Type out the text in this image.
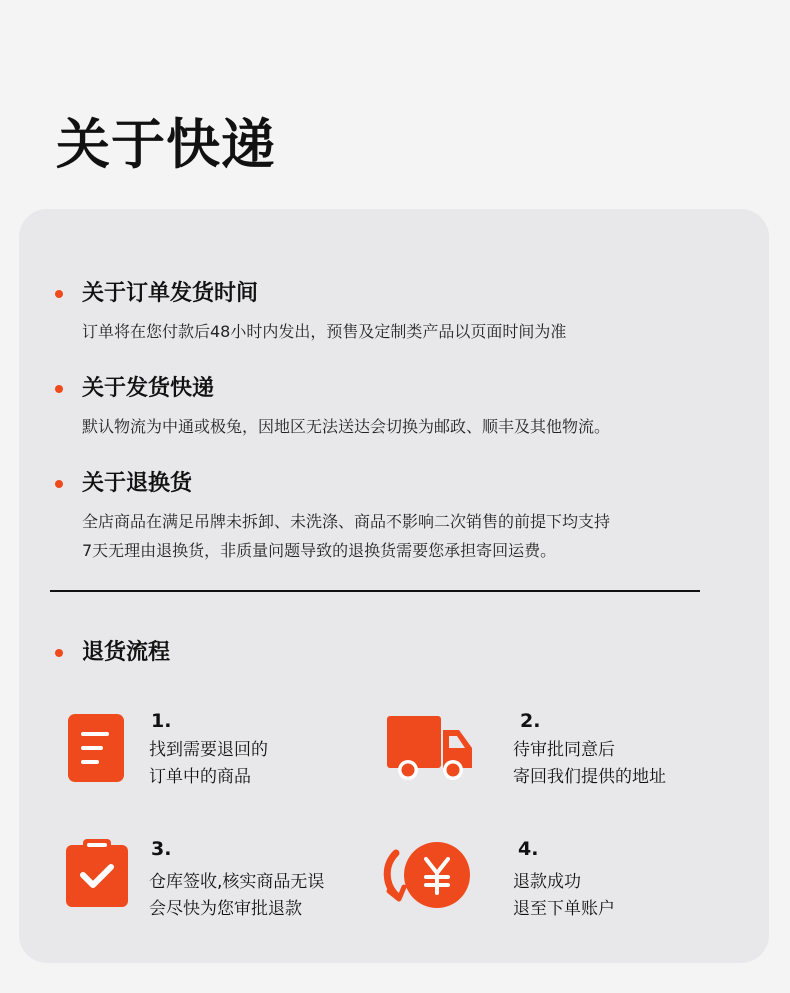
关于快递
关于订单发货时间
订单将在您付款后48小时内发出，预售及定制类产品以页面时间为准
关于发货快递
默认物流为中通或极兔，因地区无法送达会切换为邮政、顺丰及其他物流。
关于退换货
全店商品在满足吊牌未拆卸、未洗涤、商品不影响二次销售的前提下均支持
7天无理由退换货，非质量问题导致的退换货需要您承担寄回运费。
退货流程
1.
找到需要退回的
订单中的商品
2.
待审批同意后
寄回我们提供的地址
3.
仓库签收,核实商品无误
会尽快为您审批退款
4.
退款成功
退至下单账户
